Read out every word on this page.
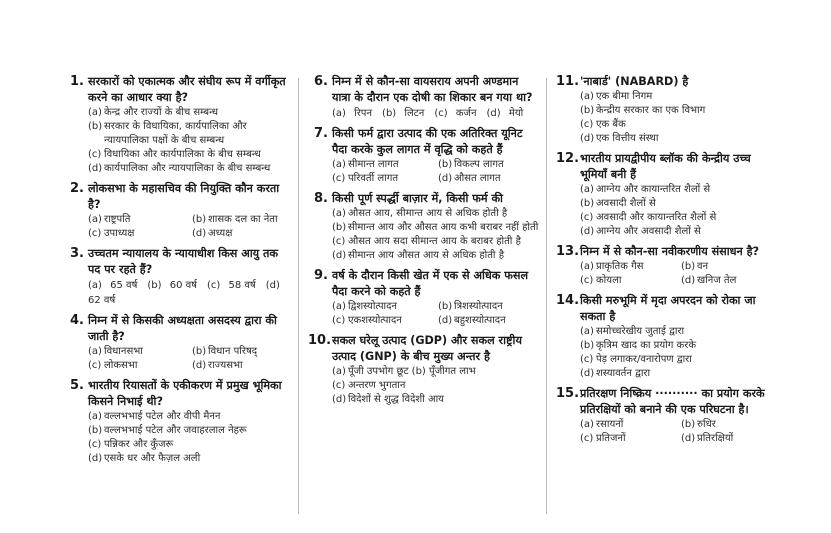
1. सरकारों को एकात्मक और संघीय रूप में वर्गीकृत करने का आधार क्या है?
(a) केन्द्र और राज्यों के बीच सम्बन्ध
(b) सरकार के विधायिका, कार्यपालिका और न्यायपालिका पक्षों के बीच सम्बन्ध
(c) विधायिका और कार्यपालिका के बीच सम्बन्ध
(d) कार्यपालिका और न्यायपालिका के बीच सम्बन्ध
2. लोकसभा के महासचिव की नियुक्ति कौन करता है?
(a) राष्ट्रपति	(b) शासक दल का नेता
(c) उपाध्यक्ष	(d) अध्यक्ष
3. उच्चतम न्यायालय के न्यायाधीश किस आयु तक पद पर रहते हैं?
(a) 65 वर्ष (b) 60 वर्ष (c) 58 वर्ष (d) 62 वर्ष
4. निम्न में से किसकी अध्यक्षता असदस्य द्वारा की जाती है?
(a) विधानसभा	(b) विधान परिषद्
(c) लोकसभा	(d) राज्यसभा
5. भारतीय रियासतों के एकीकरण में प्रमुख भूमिका किसने निभाई थी?
(a) वल्लभभाई पटेल और वीपी मैनन
(b) वल्लभभाई पटेल और जवाहरलाल नेहरू
(c) पन्निकर और कुँजरू
(d) एसके धर और फैज़ल अली
6. निम्न में से कौन-सा वायसराय अपनी अण्डमान यात्रा के दौरान एक दोषी का शिकार बन गया था?
(a) रिपन (b) लिटन (c) कर्जन (d) मेयो
7. किसी फर्म द्वारा उत्पाद की एक अतिरिक्त यूनिट पैदा करके कुल लागत में वृद्धि को कहते हैं
(a) सीमान्त लागत	(b) विकल्प लागत
(c) परिवर्ती लागत	(d) औसत लागत
8. किसी पूर्ण स्पर्द्धी बाज़ार में, किसी फर्म की
(a) औसत आय, सीमान्त आय से अधिक होती है
(b) सीमान्त आय और औसत आय कभी बराबर नहीं होती
(c) औसत आय सदा सीमान्त आय के बराबर होती है
(d) सीमान्त आय औसत आय से अधिक होती है
9. वर्ष के दौरान किसी खेत में एक से अधिक फसल पैदा करने को कहते हैं
(a) द्विशस्योत्पादन	(b) त्रिशस्योत्पादन
(c) एकशस्योत्पादन	(d) बहुशस्योत्पादन
10. सकल घरेलू उत्पाद (GDP) और सकल राष्ट्रीय उत्पाद (GNP) के बीच मुख्य अन्तर है
(a) पूँजी उपभोग छूट (b) पूँजीगत लाभ
(c) अन्तरण भुगतान
(d) विदेशों से शुद्ध विदेशी आय
11. 'नाबार्ड' (NABARD) है
(a) एक बीमा निगम
(b) केन्द्रीय सरकार का एक विभाग
(c) एक बैंक
(d) एक वित्तीय संस्था
12. भारतीय प्रायद्वीपीय ब्लॉक की केन्द्रीय उच्च भूमियाँ बनी हैं
(a) आग्नेय और कायान्तरित शैलों से
(b) अवसादी शैलों से
(c) अवसादी और कायान्तरित शैलों से
(d) आग्नेय और अवसादी शैलों से
13. निम्न में से कौन-सा नवीकरणीय संसाधन है?
(a) प्राकृतिक गैस	(b) वन
(c) कोयला	(d) खनिज तेल
14. किसी मरुभूमि में मृदा अपरदन को रोका जा सकता है
(a) समोच्चरेखीय जुताई द्वारा
(b) कृत्रिम खाद का प्रयोग करके
(c) पेड़ लगाकर/वनारोपण द्वारा
(d) शस्यावर्तन द्वारा
15. प्रतिरक्षण निष्क्रिय ·········· का प्रयोग करके प्रतिरक्षियों को बनाने की एक परिघटना है।
(a) रसायनों	(b) रुधिर
(c) प्रतिजनों	(d) प्रतिरक्षियों
